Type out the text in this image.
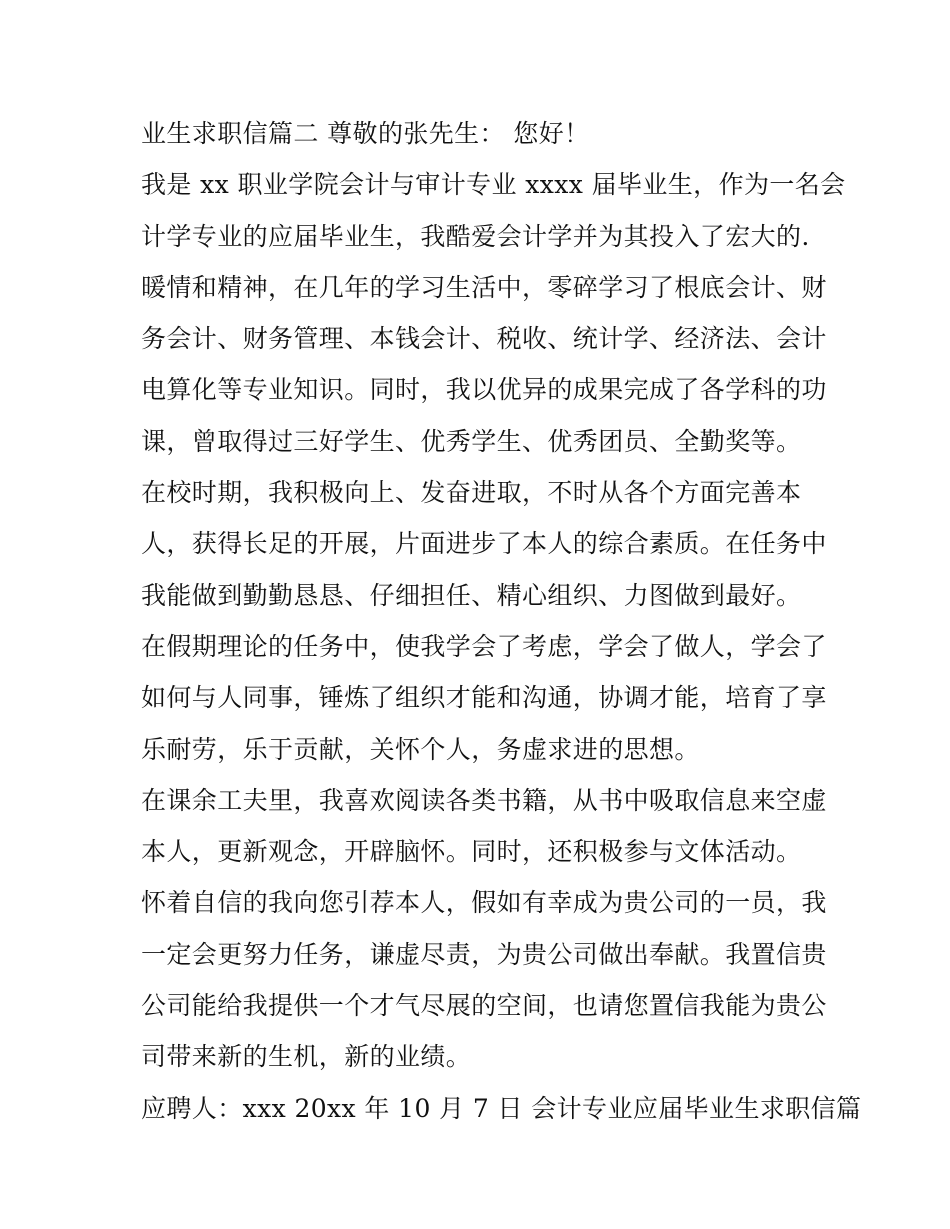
业生求职信篇二 尊敬的张先生： 您好！
我是 xx 职业学院会计与审计专业 xxxx 届毕业生，作为一名会
计学专业的应届毕业生，我酷爱会计学并为其投入了宏大的.
暖情和精神，在几年的学习生活中，零碎学习了根底会计、财
务会计、财务管理、本钱会计、税收、统计学、经济法、会计
电算化等专业知识。同时，我以优异的成果完成了各学科的功
课，曾取得过三好学生、优秀学生、优秀团员、全勤奖等。
在校时期，我积极向上、发奋进取，不时从各个方面完善本
人，获得长足的开展，片面进步了本人的综合素质。在任务中
我能做到勤勤恳恳、仔细担任、精心组织、力图做到最好。
在假期理论的任务中，使我学会了考虑，学会了做人，学会了
如何与人同事，锤炼了组织才能和沟通，协调才能，培育了享
乐耐劳，乐于贡献，关怀个人，务虚求进的思想。
在课余工夫里，我喜欢阅读各类书籍，从书中吸取信息来空虚
本人，更新观念，开辟脑怀。同时，还积极参与文体活动。
怀着自信的我向您引荐本人，假如有幸成为贵公司的一员，我
一定会更努力任务，谦虚尽责，为贵公司做出奉献。我置信贵
公司能给我提供一个才气尽展的空间，也请您置信我能为贵公
司带来新的生机，新的业绩。
应聘人：xxx 20xx 年 10 月 7 日 会计专业应届毕业生求职信篇
